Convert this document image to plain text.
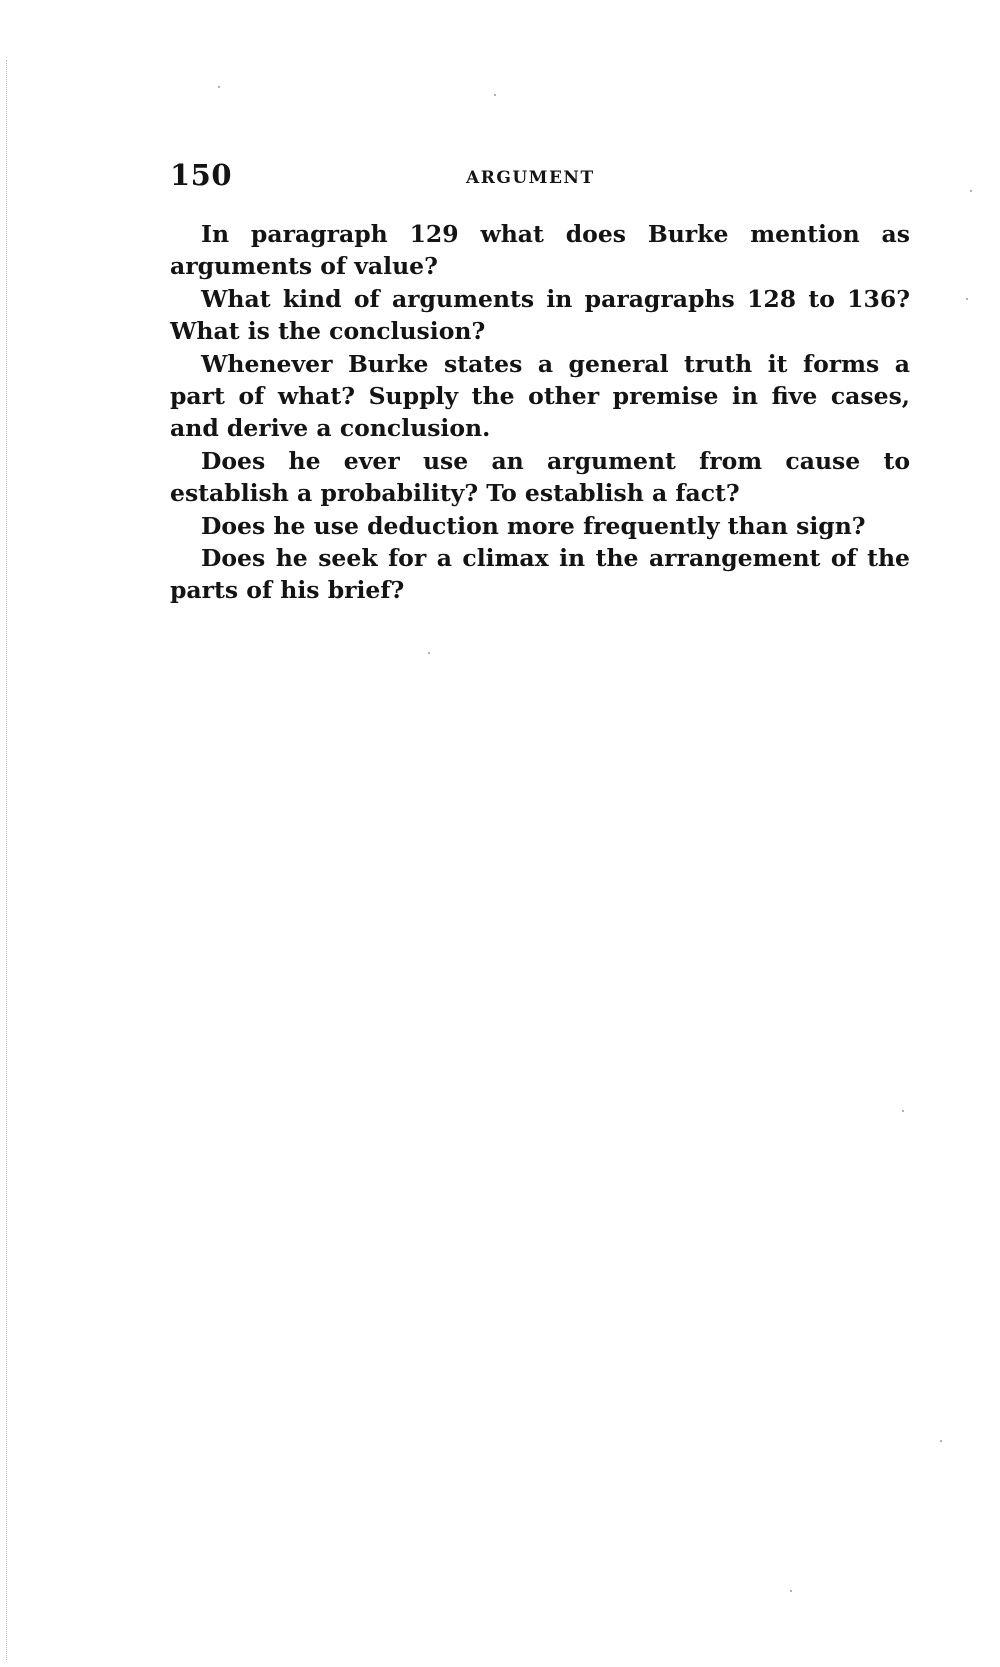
150	ARGUMENT

In paragraph 129 what does Burke mention as arguments of value?

What kind of arguments in paragraphs 128 to 136? What is the conclusion?

Whenever Burke states a general truth it forms a part of what? Supply the other premise in five cases, and derive a conclusion.

Does he ever use an argument from cause to establish a probability? To establish a fact?

Does he use deduction more frequently than sign?

Does he seek for a climax in the arrangement of the parts of his brief?
